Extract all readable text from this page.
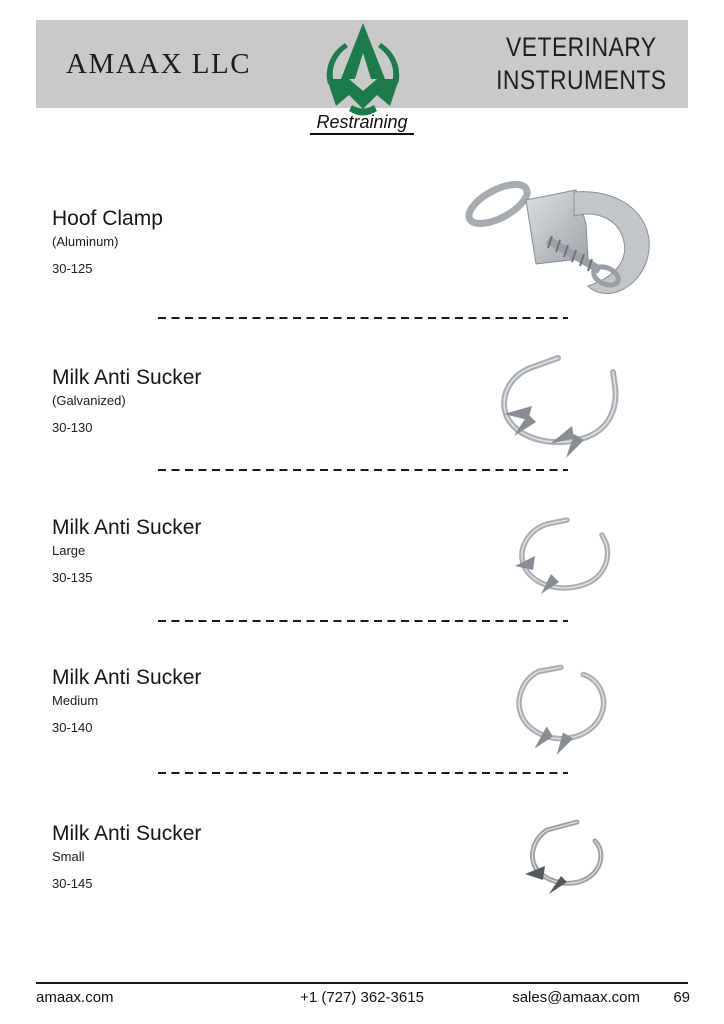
AMAAX LLC
VETERINARY
INSTRUMENTS
Restraining
Hoof Clamp
(Aluminum)
30-125
Milk Anti Sucker
(Galvanized)
30-130
Milk Anti Sucker
Large
30-135
Milk Anti Sucker
Medium
30-140
Milk Anti Sucker
Small
30-145
amaax.com	+1 (727) 362-3615	sales@amaax.com 69
